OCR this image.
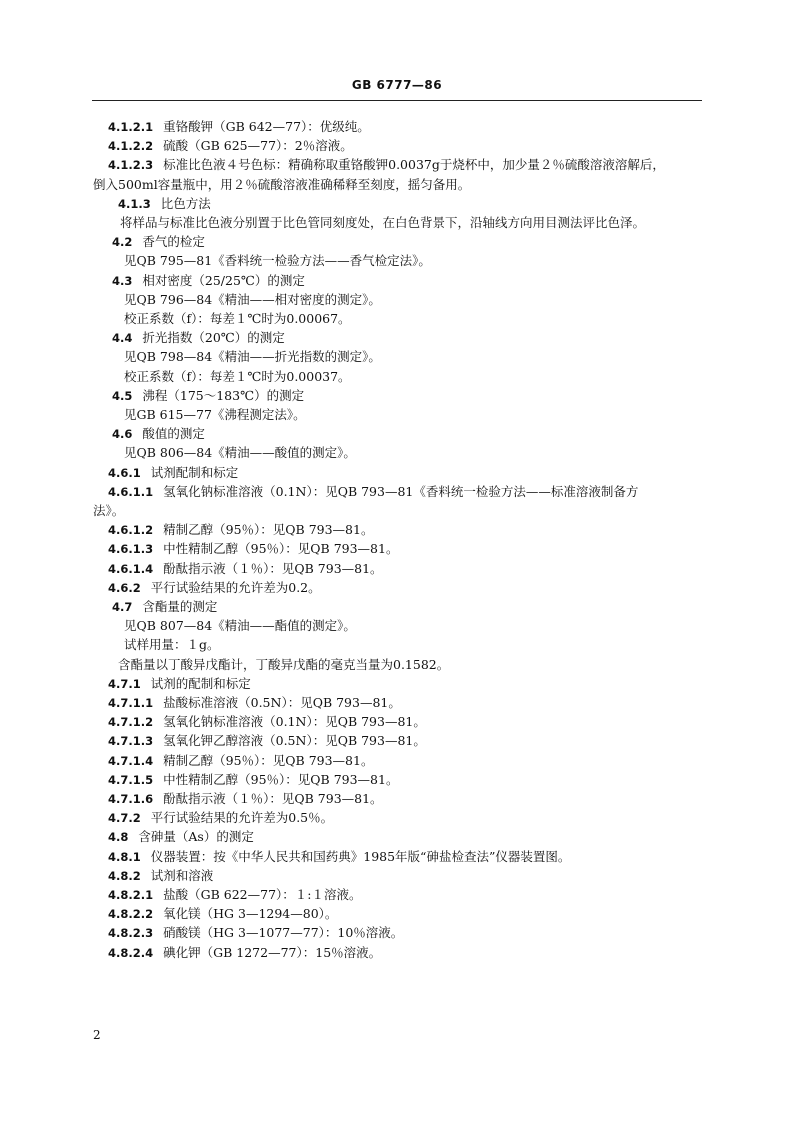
GB 6777—86
4.1.2.1 重铬酸钾（GB 642—77）：优级纯。
4.1.2.2 硫酸（GB 625—77）：2％溶液。
4.1.2.3 标准比色液４号色标：精确称取重铬酸钾0.0037g于烧杯中，加少量２％硫酸溶液溶解后，
倒入500ml容量瓶中，用２％硫酸溶液准确稀释至刻度，摇匀备用。
4.1.3 比色方法
将样品与标准比色液分别置于比色管同刻度处，在白色背景下，沿轴线方向用目测法评比色泽。
4.2 香气的检定
见QB 795—81《香料统一检验方法——香气检定法》。
4.3 相对密度（25/25℃）的测定
见QB 796—84《精油——相对密度的测定》。
校正系数（f）：每差１℃时为0.00067。
4.4 折光指数（20℃）的测定
见QB 798—84《精油——折光指数的测定》。
校正系数（f）：每差１℃时为0.00037。
4.5 沸程（175～183℃）的测定
见GB 615—77《沸程测定法》。
4.6 酸值的测定
见QB 806—84《精油——酸值的测定》。
4.6.1 试剂配制和标定
4.6.1.1 氢氧化钠标准溶液（0.1N）：见QB 793—81《香料统一检验方法——标准溶液制备方
法》。
4.6.1.2 精制乙醇（95％）：见QB 793—81。
4.6.1.3 中性精制乙醇（95％）：见QB 793—81。
4.6.1.4 酚酞指示液（１％）：见QB 793—81。
4.6.2 平行试验结果的允许差为0.2。
4.7 含酯量的测定
见QB 807—84《精油——酯值的测定》。
试样用量：１g。
含酯量以丁酸异戊酯计，丁酸异戊酯的毫克当量为0.1582。
4.7.1 试剂的配制和标定
4.7.1.1 盐酸标准溶液（0.5N）：见QB 793—81。
4.7.1.2 氢氧化钠标准溶液（0.1N）：见QB 793—81。
4.7.1.3 氢氧化钾乙醇溶液（0.5N）：见QB 793—81。
4.7.1.4 精制乙醇（95％）：见QB 793—81。
4.7.1.5 中性精制乙醇（95％）：见QB 793—81。
4.7.1.6 酚酞指示液（１％）：见QB 793—81。
4.7.2 平行试验结果的允许差为0.5％。
4.8 含砷量（As）的测定
4.8.1 仪器装置：按《中华人民共和国药典》1985年版“砷盐检查法”仪器装置图。
4.8.2 试剂和溶液
4.8.2.1 盐酸（GB 622—77）：１:１溶液。
4.8.2.2 氧化镁（HG 3—1294—80）。
4.8.2.3 硝酸镁（HG 3—1077—77）：10％溶液。
4.8.2.4 碘化钾（GB 1272—77）：15％溶液。
2
